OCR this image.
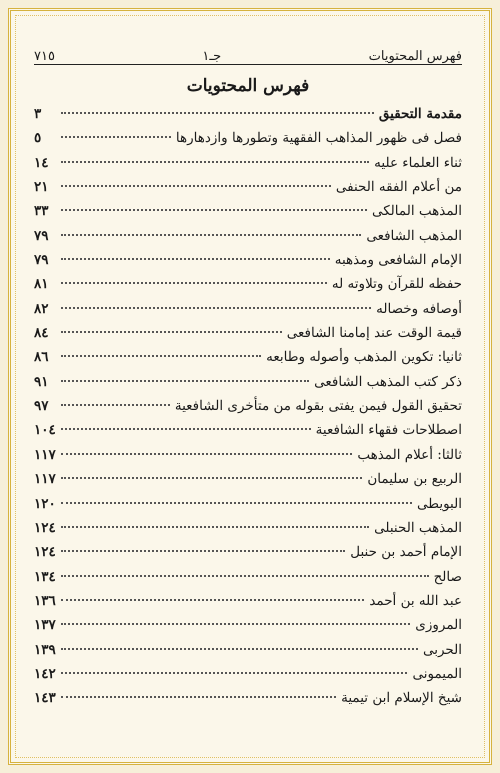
فهرس المحتويات
جـ١
٧١٥
فهرس المحتويات
مقدمة التحقيق
٣
فصل فى ظهور المذاهب الفقهية وتطورها وازدهارها
٥
ثناء العلماء عليه
١٤
من أعلام الفقه الحنفى
٢١
المذهب المالكى
٣٣
المذهب الشافعى
٧٩
الإمام الشافعى ومذهبه
٧٩
حفظه للقرآن وتلاوته له
٨١
أوصافه وخصاله
٨٢
قيمة الوقت عند إمامنا الشافعى
٨٤
ثانيا: تكوين المذهب وأصوله وطابعه
٨٦
ذكر كتب المذهب الشافعى
٩١
تحقيق القول فيمن يفتى بقوله من متأخرى الشافعية
٩٧
اصطلاحات فقهاء الشافعية
١٠٤
ثالثا: أعلام المذهب
١١٧
الربيع بن سليمان
١١٧
البويطى
١٢٠
المذهب الحنبلى
١٢٤
الإمام أحمد بن حنبل
١٢٤
صالح
١٣٤
عبد الله بن أحمد
١٣٦
المروزى
١٣٧
الحربى
١٣٩
الميمونى
١٤٢
شيخ الإسلام ابن تيمية
١٤٣
